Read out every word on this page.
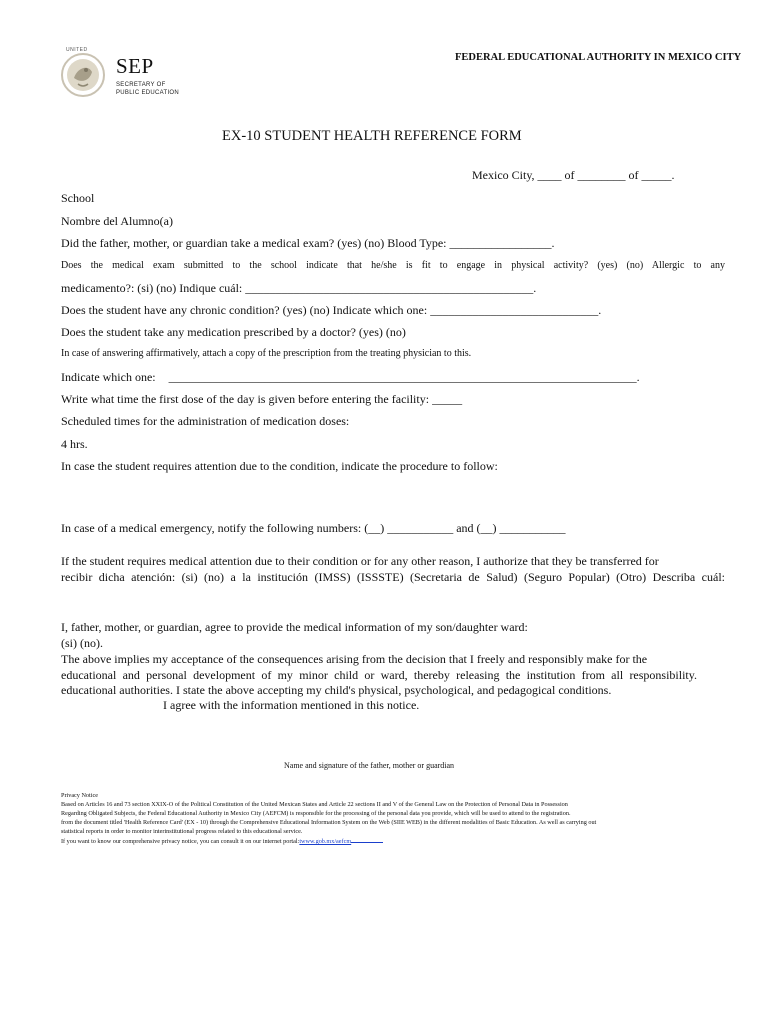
UNITED
SEP
SECRETARY OF
PUBLIC EDUCATION
FEDERAL EDUCATIONAL AUTHORITY IN MEXICO CITY
EX-10 STUDENT HEALTH REFERENCE FORM
Mexico City, ____ of ________ of _____.
School
Nombre del Alumno(a)
Did the father, mother, or guardian take a medical exam? (yes) (no) Blood Type: _________________.
Does the medical exam submitted to the school indicate that he/she is fit to engage in physical activity? (yes) (no) Allergic to any
medicamento?: (si) (no) Indique cuál: ________________________________________________.
Does the student have any chronic condition? (yes) (no) Indicate which one: ____________________________.
Does the student take any medication prescribed by a doctor? (yes) (no)
In case of answering affirmatively, attach a copy of the prescription from the treating physician to this.
Indicate which one: ______________________________________________________________________________.
Write what time the first dose of the day is given before entering the facility: _____
Scheduled times for the administration of medication doses:
4 hrs.
In case the student requires attention due to the condition, indicate the procedure to follow:
In case of a medical emergency, notify the following numbers: (__) ___________ and (__) ___________
If the student requires medical attention due to their condition or for any other reason, I authorize that they be transferred for
recibir dicha atención: (si) (no) a la institución (IMSS) (ISSSTE) (Secretaria de Salud) (Seguro Popular) (Otro) Describa cuál:
I, father, mother, or guardian, agree to provide the medical information of my son/daughter ward:
(si) (no).
The above implies my acceptance of the consequences arising from the decision that I freely and responsibly make for the
educational and personal development of my minor child or ward, thereby releasing the institution from all responsibility.
educational authorities. I state the above accepting my child's physical, psychological, and pedagogical conditions.
I agree with the information mentioned in this notice.
Name and signature of the father, mother or guardian
Privacy Notice
Based on Articles 16 and 73 section XXIX-O of the Political Constitution of the United Mexican States and Article 22 sections II and V of the General Law on the Protection of Personal Data in Possession
Regarding Obligated Subjects, the Federal Educational Authority in Mexico City (AEFCM) is responsible for the processing of the personal data you provide, which will be used to attend to the registration.
from the document titled 'Health Reference Card' (EX - 10) through the Comprehensive Educational Information System on the Web (SIIE WEB) in the different modalities of Basic Education. As well as carrying out
statistical reports in order to monitor interinstitutional progress related to this educational service.
If you want to know our comprehensive privacy notice, you can consult it on our internet portal:twww.gob.mx/aefcm
